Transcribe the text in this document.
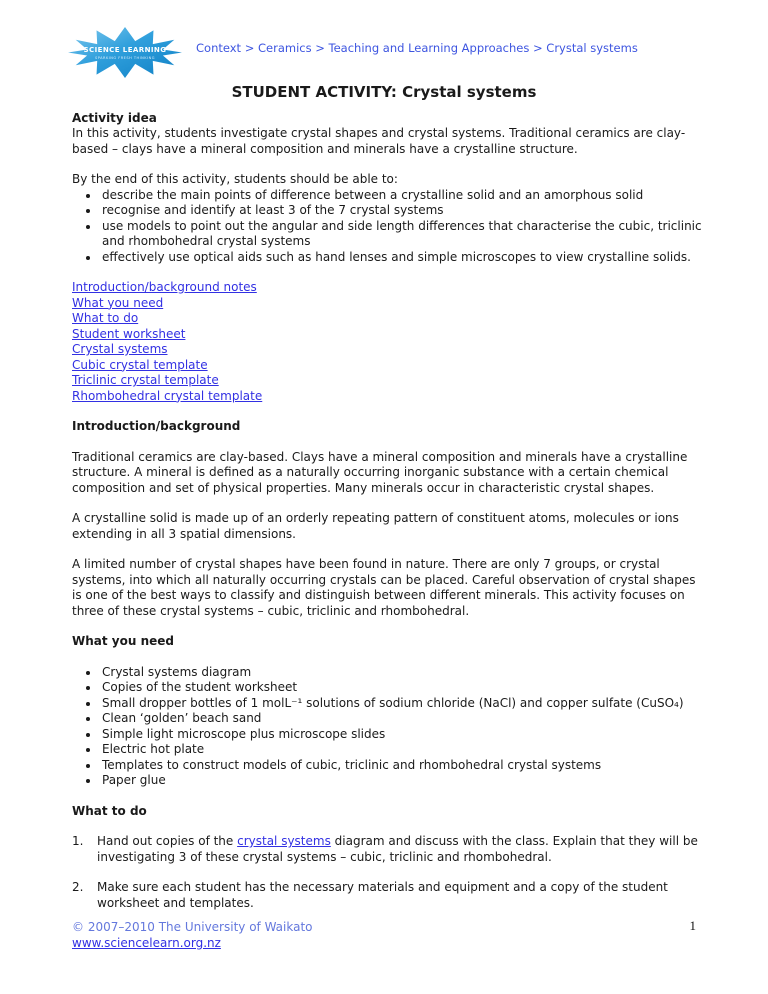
SCIENCE LEARNING
SPARKING FRESH THINKING
Context > Ceramics > Teaching and Learning Approaches > Crystal systems
STUDENT ACTIVITY: Crystal systems
Activity idea

In this activity, students investigate crystal shapes and crystal systems. Traditional ceramics are clay-based – clays have a mineral composition and minerals have a crystalline structure.

By the end of this activity, students should be able to:

• describe the main points of difference between a crystalline solid and an amorphous solid
• recognise and identify at least 3 of the 7 crystal systems
• use models to point out the angular and side length differences that characterise the cubic, triclinic and rhombohedral crystal systems
• effectively use optical aids such as hand lenses and simple microscopes to view crystalline solids.
Introduction/background notes
What you need
What to do
Student worksheet
Crystal systems
Cubic crystal template
Triclinic crystal template
Rhombohedral crystal template
Introduction/background

Traditional ceramics are clay-based. Clays have a mineral composition and minerals have a crystalline structure. A mineral is defined as a naturally occurring inorganic substance with a certain chemical composition and set of physical properties. Many minerals occur in characteristic crystal shapes.

A crystalline solid is made up of an orderly repeating pattern of constituent atoms, molecules or ions extending in all 3 spatial dimensions.

A limited number of crystal shapes have been found in nature. There are only 7 groups, or crystal systems, into which all naturally occurring crystals can be placed. Careful observation of crystal shapes is one of the best ways to classify and distinguish between different minerals. This activity focuses on three of these crystal systems – cubic, triclinic and rhombohedral.

What you need
• Crystal systems diagram
• Copies of the student worksheet
• Small dropper bottles of 1 molL⁻¹ solutions of sodium chloride (NaCl) and copper sulfate (CuSO₄)
• Clean ‘golden’ beach sand
• Simple light microscope plus microscope slides
• Electric hot plate
• Templates to construct models of cubic, triclinic and rhombohedral crystal systems
• Paper glue
What to do
1.	Hand out copies of the crystal systems diagram and discuss with the class. Explain that they will be investigating 3 of these crystal systems – cubic, triclinic and rhombohedral.
2.	Make sure each student has the necessary materials and equipment and a copy of the student worksheet and templates.
© 2007–2010 The University of Waikato
www.sciencelearn.org.nz
1
